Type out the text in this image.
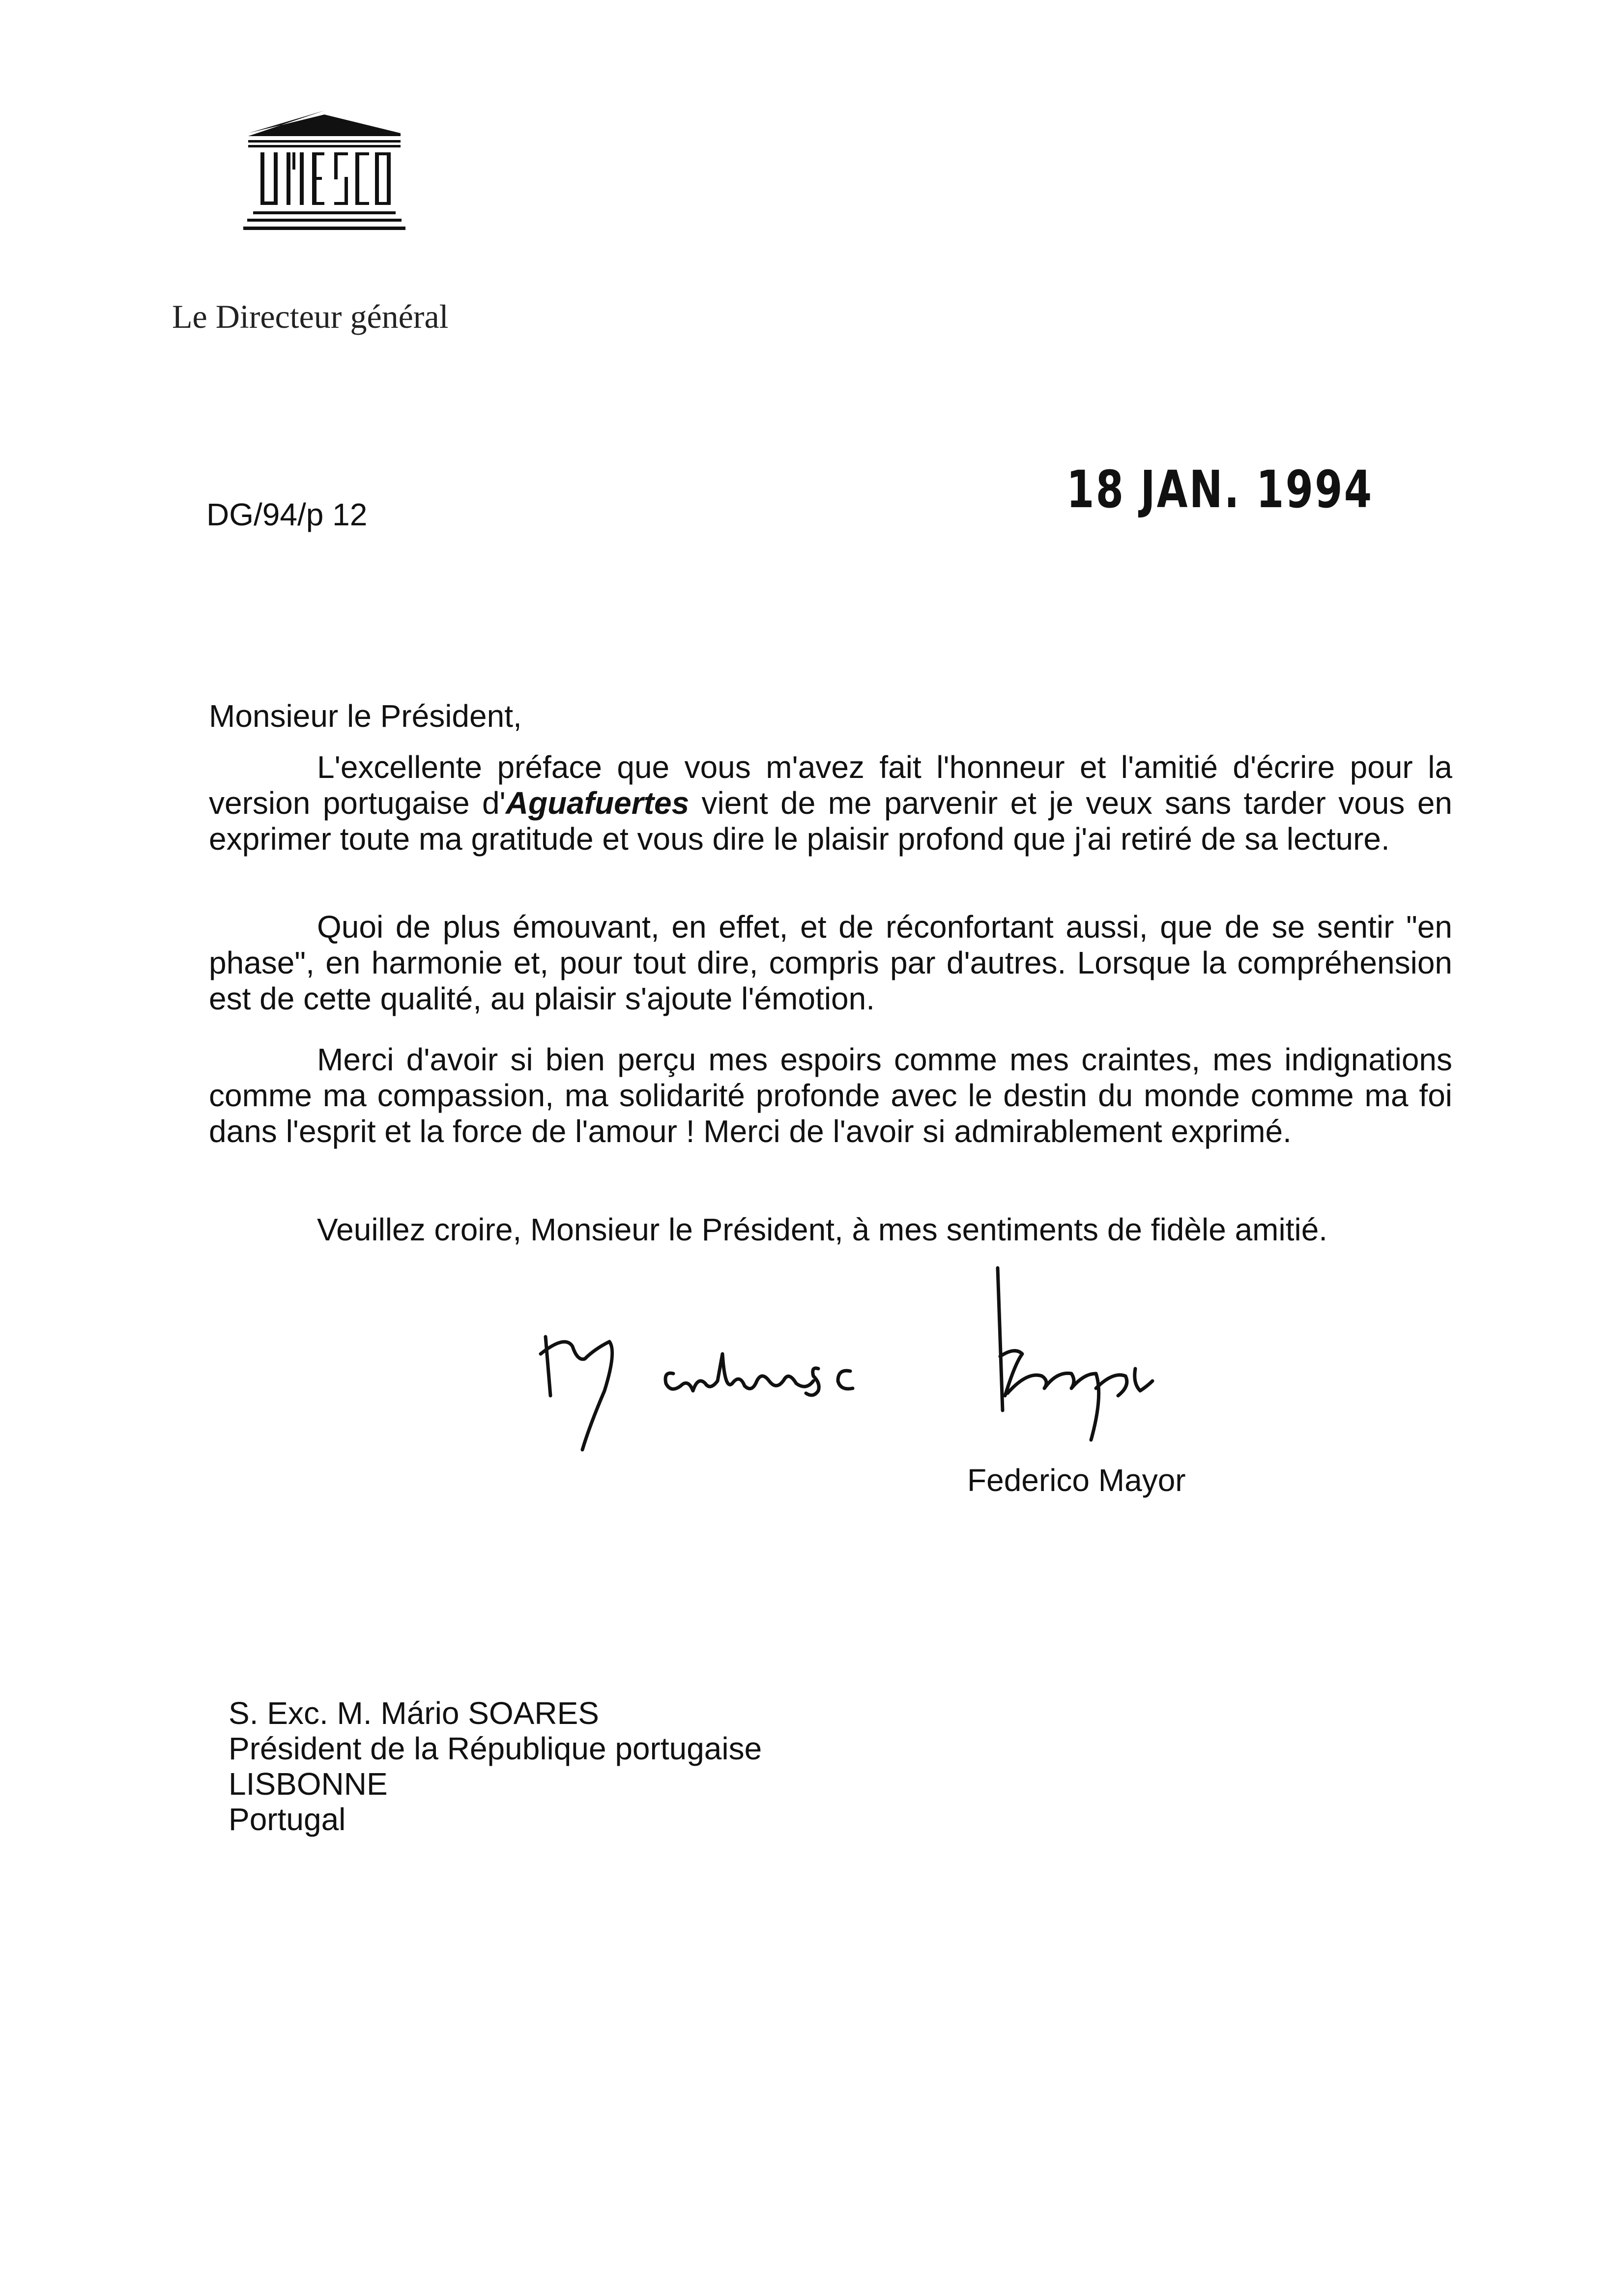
Le Directeur général
DG/94/p 12	18 JAN. 1994
Monsieur le Président,

L'excellente préface que vous m'avez fait l'honneur et l'amitié d'écrire pour la version portugaise d'Aguafuertes vient de me parvenir et je veux sans tarder vous en exprimer toute ma gratitude et vous dire le plaisir profond que j'ai retiré de sa lecture.

Quoi de plus émouvant, en effet, et de réconfortant aussi, que de se sentir "en phase", en harmonie et, pour tout dire, compris par d'autres. Lorsque la compréhension est de cette qualité, au plaisir s'ajoute l'émotion.

Merci d'avoir si bien perçu mes espoirs comme mes craintes, mes indignations comme ma compassion, ma solidarité profonde avec le destin du monde comme ma foi dans l'esprit et la force de l'amour ! Merci de l'avoir si admirablement exprimé.

Veuillez croire, Monsieur le Président, à mes sentiments de fidèle amitié.
Federico Mayor
S. Exc. M. Mário SOARES
Président de la République portugaise
LISBONNE
Portugal
